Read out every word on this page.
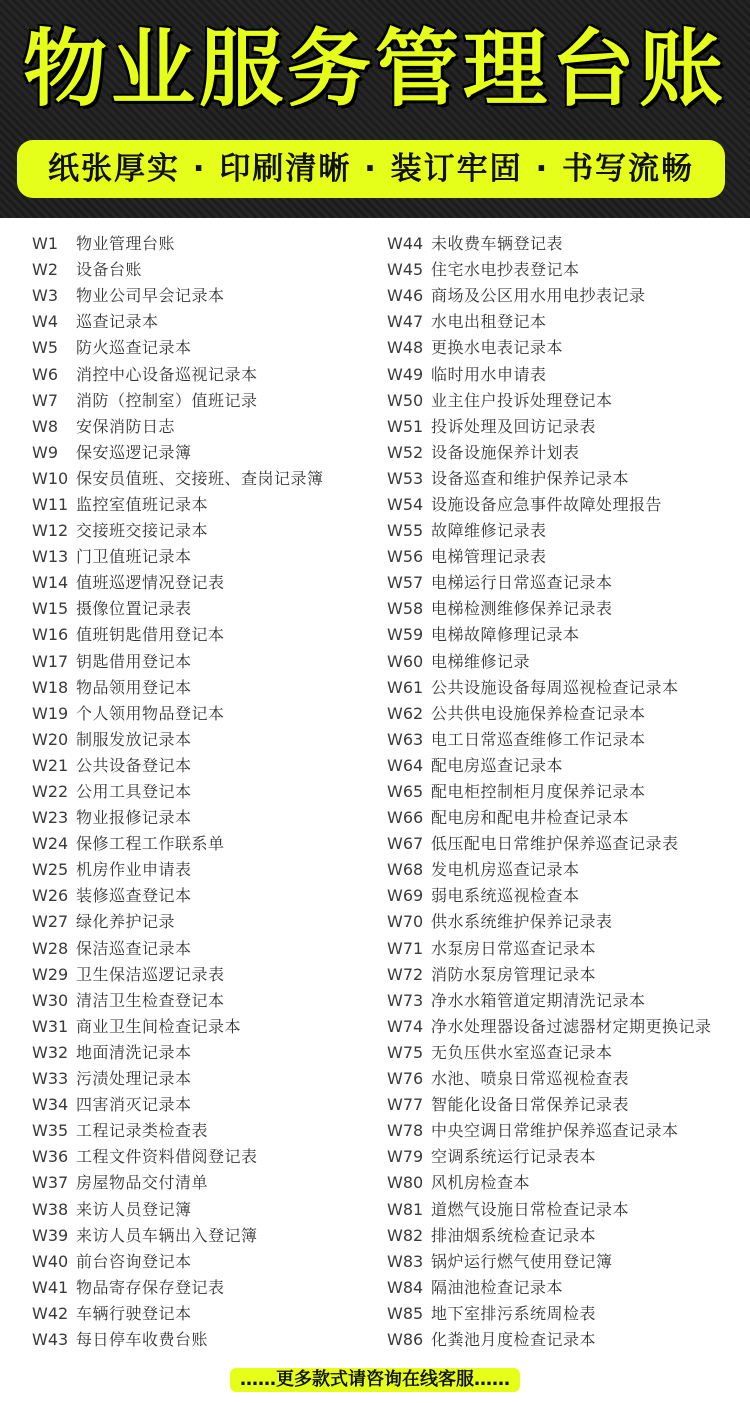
物业服务管理台账
纸张厚实 · 印刷清晰 · 装订牢固 · 书写流畅
W1	物业管理台账
W2	设备台账
W3	物业公司早会记录本
W4	巡查记录本
W5	防火巡查记录本
W6	消控中心设备巡视记录本
W7	消防（控制室）值班记录
W8	安保消防日志
W9	保安巡逻记录簿
W10 保安员值班、交接班、查岗记录簿
W11 监控室值班记录本
W12 交接班交接记录本
W13 门卫值班记录本
W14 值班巡逻情况登记表
W15 摄像位置记录表
W16 值班钥匙借用登记本
W17 钥匙借用登记本
W18 物品领用登记本
W19 个人领用物品登记本
W20 制服发放记录本
W21 公共设备登记本
W22 公用工具登记本
W23 物业报修记录本
W24 保修工程工作联系单
W25 机房作业申请表
W26 装修巡查登记本
W27 绿化养护记录
W28 保洁巡查记录本
W29 卫生保洁巡逻记录表
W30 清洁卫生检查登记本
W31 商业卫生间检查记录本
W32 地面清洗记录本
W33 污渍处理记录本
W34 四害消灭记录本
W35 工程记录类检查表
W36 工程文件资料借阅登记表
W37 房屋物品交付清单
W38 来访人员登记簿
W39 来访人员车辆出入登记簿
W40 前台咨询登记本
W41 物品寄存保存登记表
W42 车辆行驶登记本
W43 每日停车收费台账
W44 未收费车辆登记表
W45 住宅水电抄表登记本
W46 商场及公区用水用电抄表记录
W47 水电出租登记本
W48 更换水电表记录本
W49 临时用水申请表
W50 业主住户投诉处理登记本
W51 投诉处理及回访记录表
W52 设备设施保养计划表
W53 设备巡查和维护保养记录本
W54 设施设备应急事件故障处理报告
W55 故障维修记录表
W56 电梯管理记录表
W57 电梯运行日常巡查记录本
W58 电梯检测维修保养记录表
W59 电梯故障修理记录本
W60 电梯维修记录
W61 公共设施设备每周巡视检查记录本
W62 公共供电设施保养检查记录本
W63 电工日常巡查维修工作记录本
W64 配电房巡查记录本
W65 配电柜控制柜月度保养记录本
W66 配电房和配电井检查记录本
W67 低压配电日常维护保养巡查记录表
W68 发电机房巡查记录本
W69 弱电系统巡视检查本
W70 供水系统维护保养记录表
W71 水泵房日常巡查记录本
W72 消防水泵房管理记录本
W73 净水水箱管道定期清洗记录本
W74 净水处理器设备过滤器材定期更换记录
W75 无负压供水室巡查记录本
W76 水池、喷泉日常巡视检查表
W77 智能化设备日常保养记录表
W78 中央空调日常维护保养巡查记录本
W79 空调系统运行记录表本
W80 风机房检查本
W81 道燃气设施日常检查记录本
W82 排油烟系统检查记录本
W83 锅炉运行燃气使用登记簿
W84 隔油池检查记录本
W85 地下室排污系统周检表
W86 化粪池月度检查记录本
……更多款式请咨询在线客服……
